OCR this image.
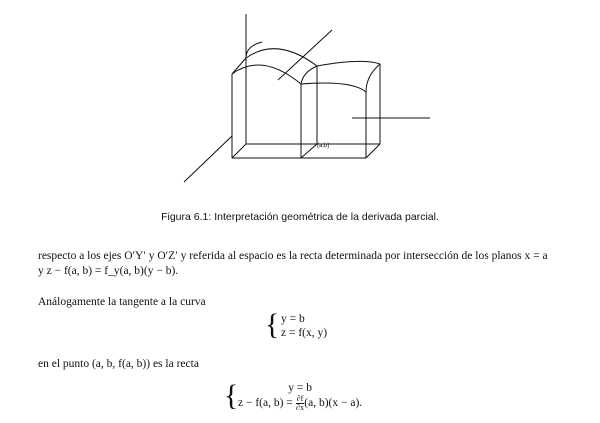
(a,b)
Figura 6.1: Interpretación geométrica de la derivada parcial.
respecto a los ejes O′Y′ y O′Z′ y referida al espacio es la recta determinada por intersección de los planos x = a
y z − f(a, b) = f_y(a, b)(y − b).
Análogamente la tangente a la curva
{ y = b
z = f(x, y)
en el punto (a, b, f(a, b)) es la recta
{	y = b
z − f(a, $b) = \frac{\partial f}{\partial x} (a$, b)(x − a).
